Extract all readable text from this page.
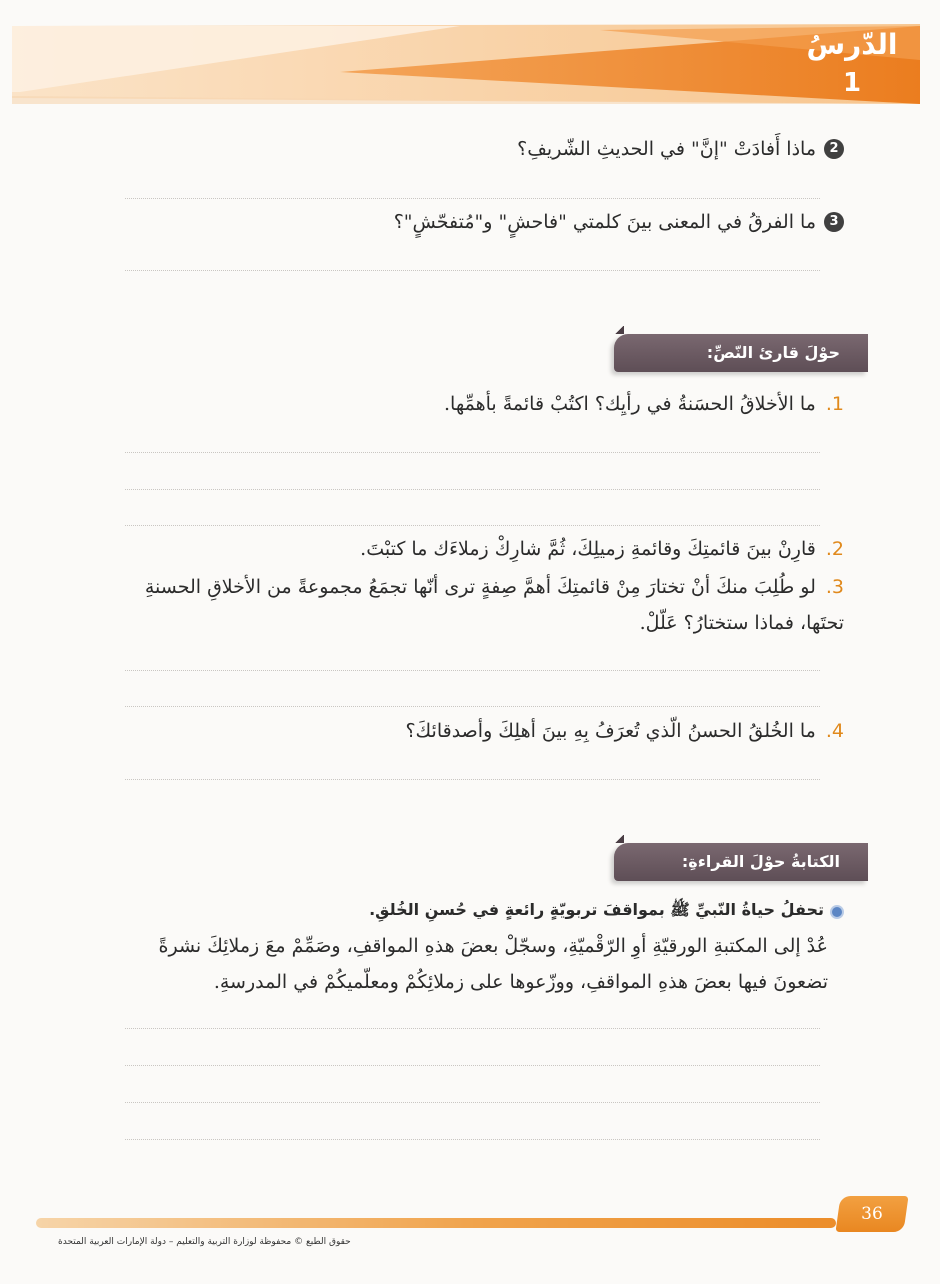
الدّرسُ
1
2
ماذا أَفادَتْ "إنَّ" في الحديثِ الشّريفِ؟
3
ما الفرقُ في المعنى بينَ كلمتي "فاحشٍ" و"مُتفحّشٍ"؟
حوْلَ قارئ النّصِّ:
1.ما الأخلاقُ الحسَنةُ في رأيِك؟ اكتُبْ قائمةً بأهمِّها.
2.قارِنْ بينَ قائمتِكَ وقائمةِ زميلِكَ، ثُمَّ شارِكْ زملاءَك ما كتبْتَ.
3.لو طُلِبَ منكَ أنْ تختارَ مِنْ قائمتِكَ أهمَّ صِفةٍ ترى أنّها تجمَعُ مجموعةً من الأخلاقِ الحسنةِ تحتَها، فماذا ستختارُ؟ عَلّلْ.
4.ما الخُلقُ الحسنُ الّذي تُعرَفُ بِهِ بينَ أهلِكَ وأصدقائكَ؟
الكتابةُ حوْلَ القراءةِ:
تحفلُ حياةُ النّبيِّ ﷺ بمواقفَ تربويّةٍ رائعةٍ في حُسنِ الخُلقِ.
عُدْ إلى المكتبةِ الورقيّةِ أوِ الرّقْميّةِ، وسجّلْ بعضَ هذهِ المواقفِ، وصَمِّمْ معَ زملائِكَ نشرةً تضعونَ فيها بعضَ هذهِ المواقفِ، ووزّعوها على زملائِكُمْ ومعلّميكُمْ في المدرسةِ.
36
حقوق الطبع © محفوظة لوزارة التربية والتعليم – دولة الإمارات العربية المتحدة
